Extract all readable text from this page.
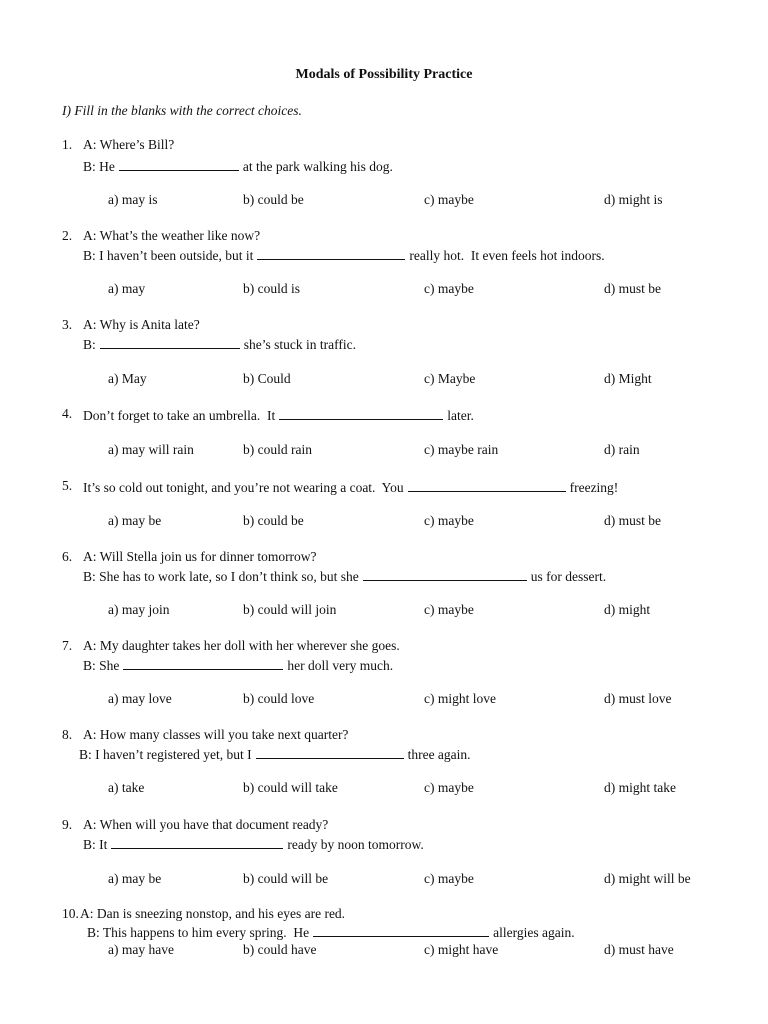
Modals of Possibility Practice
I) Fill in the blanks with the correct choices.
1. A: Where’s Bill?
B: He	at the park walking his dog.
a) may is	b) could be	c) maybe	d) might is
2. A: What’s the weather like now?
B: I haven’t been outside, but it	really hot.  It even feels hot indoors.
a) may	b) could is	c) maybe	d) must be
3. A: Why is Anita late?
B:	she’s stuck in traffic.
a) May	b) Could	c) Maybe	d) Might
4. Don’t forget to take an umbrella.  It	later.
a) may will rain	b) could rain	c) maybe rain	d) rain
5. It’s so cold out tonight, and you’re not wearing a coat.  You	freezing!
a) may be	b) could be	c) maybe	d) must be
6. A: Will Stella join us for dinner tomorrow?
B: She has to work late, so I don’t think so, but she	us for dessert.
a) may join	b) could will join	c) maybe	d) might
7. A: My daughter takes her doll with her wherever she goes.
B: She	her doll very much.
a) may love	b) could love	c) might love	d) must love
8. A: How many classes will you take next quarter?
B: I haven’t registered yet, but I	three again.
a) take	b) could will take	c) maybe	d) might take
9. A: When will you have that document ready?
B: It	ready by noon tomorrow.
a) may be	b) could will be	c) maybe	d) might will be
10. A: Dan is sneezing nonstop, and his eyes are red.
B: This happens to him every spring.  He	allergies again.
a) may have	b) could have	c) might have	d) must have
